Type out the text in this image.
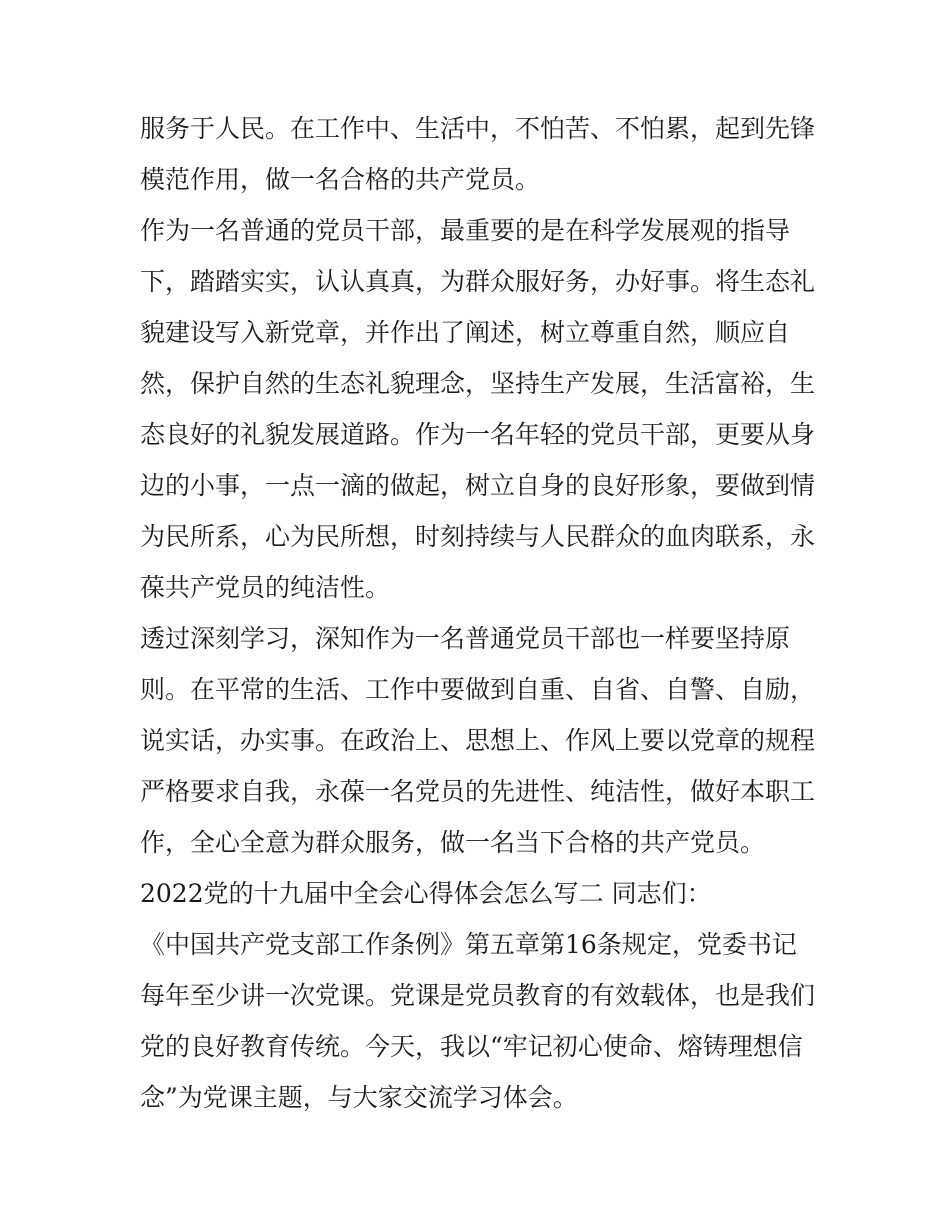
服务于人民。在工作中、生活中，不怕苦、不怕累，起到先锋
模范作用，做一名合格的共产党员。
作为一名普通的党员干部，最重要的是在科学发展观的指导
下，踏踏实实，认认真真，为群众服好务，办好事。将生态礼
貌建设写入新党章，并作出了阐述，树立尊重自然，顺应自
然，保护自然的生态礼貌理念，坚持生产发展，生活富裕，生
态良好的礼貌发展道路。作为一名年轻的党员干部，更要从身
边的小事，一点一滴的做起，树立自身的良好形象，要做到情
为民所系，心为民所想，时刻持续与人民群众的血肉联系，永
葆共产党员的纯洁性。
透过深刻学习，深知作为一名普通党员干部也一样要坚持原
则。在平常的生活、工作中要做到自重、自省、自警、自励，
说实话，办实事。在政治上、思想上、作风上要以党章的规程
严格要求自我，永葆一名党员的先进性、纯洁性，做好本职工
作，全心全意为群众服务，做一名当下合格的共产党员。
2022党的十九届中全会心得体会怎么写二 同志们：
《中国共产党支部工作条例》第五章第16条规定，党委书记
每年至少讲一次党课。党课是党员教育的有效载体，也是我们
党的良好教育传统。今天，我以“牢记初心使命、熔铸理想信
念”为党课主题，与大家交流学习体会。
